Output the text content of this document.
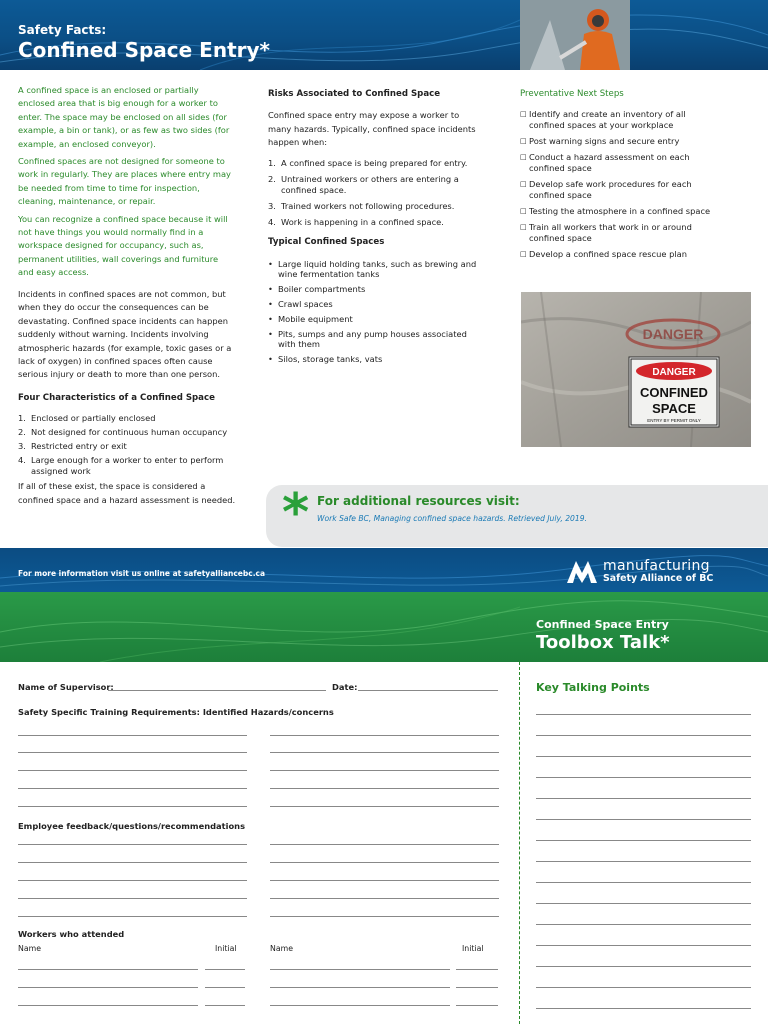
Safety Facts:
Confined Space Entry*

A confined space is an enclosed or partially enclosed area that is big enough for a worker to enter. The space may be enclosed on all sides (for example, a bin or tank), or as few as two sides (for example, an enclosed conveyor).

Confined spaces are not designed for someone to work in regularly. They are places where entry may be needed from time to time for inspection, cleaning, maintenance, or repair.

You can recognize a confined space because it will not have things you would normally find in a workspace designed for occupancy, such as, permanent utilities, wall coverings and furniture and easy access.

Incidents in confined spaces are not common, but when they do occur the consequences can be devastating. Confined space incidents can happen suddenly without warning. Incidents involving atmospheric hazards (for example, toxic gases or a lack of oxygen) in confined spaces often cause serious injury or death to more than one person.

Four Characteristics of a Confined Space
1. Enclosed or partially enclosed
2. Not designed for continuous human occupancy
3. Restricted entry or exit
4. Large enough for a worker to enter to perform assigned work

If all of these exist, the space is considered a confined space and a hazard assessment is needed.

Risks Associated to Confined Space

Confined space entry may expose a worker to many hazards. Typically, confined space incidents happen when:

1. A confined space is being prepared for entry.
2. Untrained workers or others are entering a confined space.
3. Trained workers not following procedures.
4. Work is happening in a confined space.
Typical Confined Spaces
• Large liquid holding tanks, such as brewing and wine fermentation tanks
• Boiler compartments
• Crawl spaces
• Mobile equipment
• Pits, sumps and any pump houses associated with them
• Silos, storage tanks, vats
Preventative Next Steps
□ Identify and create an inventory of all confined spaces at your workplace
□ Post warning signs and secure entry
□ Conduct a hazard assessment on each confined space
□ Develop safe work procedures for each confined space
□ Testing the atmosphere in a confined space
□ Train all workers that work in or around confined space
□ Develop a confined space rescue plan
DANGER
DANGER
CONFINED
SPACE
ENTRY BY PERMIT ONLY
* For additional resources visit:
Work Safe BC, Managing confined space hazards. Retrieved July, 2019.
For more information visit us online at safetyalliancebc.ca	manufacturing
Safety Alliance of BC
Confined Space Entry
Toolbox Talk*
Name of Supervisor:	Date:
Safety Specific Training Requirements: Identified Hazards/concerns
Employee feedback/questions/recommendations
Workers who attended
Name	Initial	Name	Initial
Key Talking Points
